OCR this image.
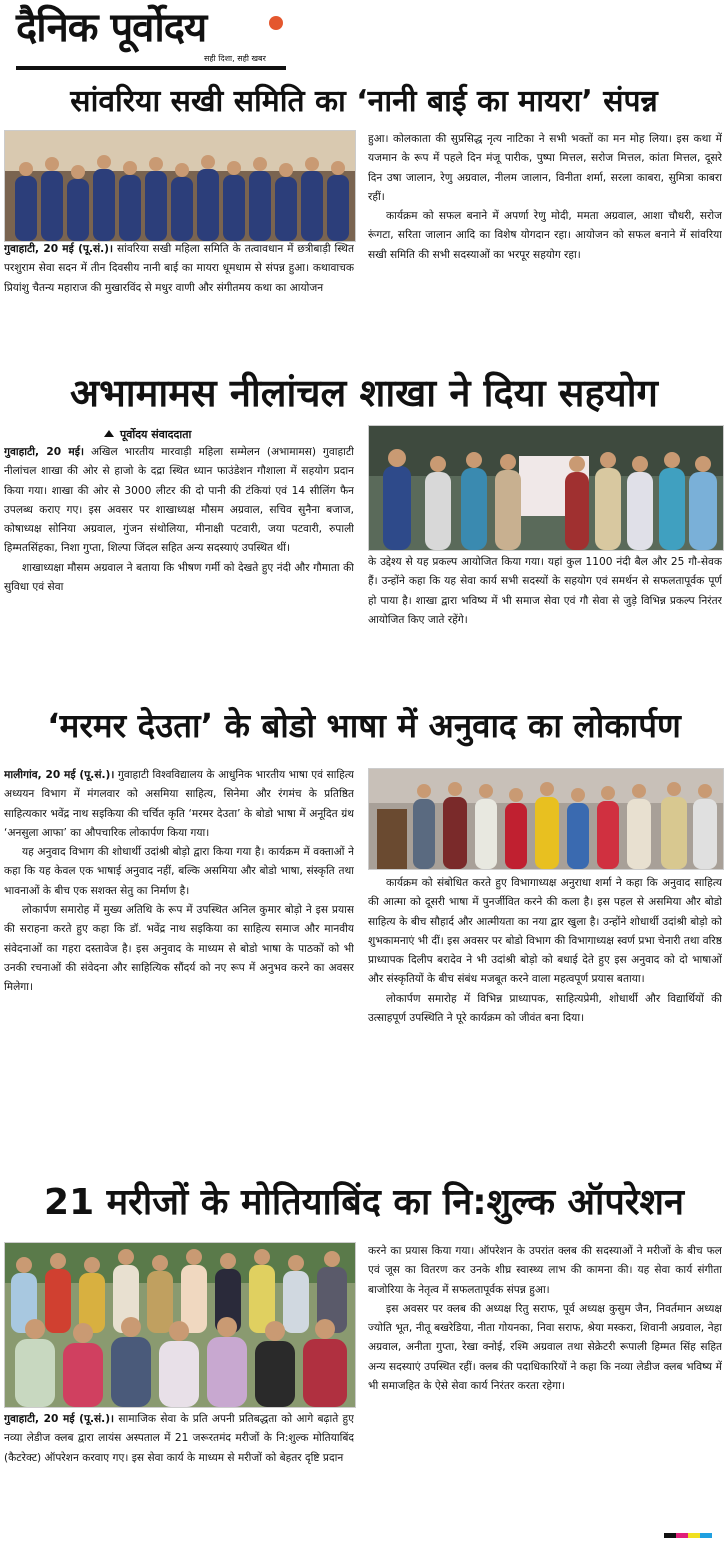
दैनिक पूर्वोदय
सही दिशा, सही खबर
सांवरिया सखी समिति का ‘नानी बाई का मायरा’ संपन्न

गुवाहाटी, 20 मई (पू.सं.)। सांवरिया सखी महिला समिति के तत्वावधान में छत्रीबाड़ी स्थित परशुराम सेवा सदन में तीन दिवसीय नानी बाई का मायरा धूमधाम से संपन्न हुआ। कथावाचक प्रियांशु चैतन्य महाराज की मुखारविंद से मधुर वाणी और संगीतमय कथा का आयोजन

हुआ। कोलकाता की सुप्रसिद्ध नृत्य नाटिका ने सभी भक्तों का मन मोह लिया। इस कथा में यजमान के रूप में पहले दिन मंजू पारीक, पुष्पा मित्तल, सरोज मित्तल, कांता मित्तल, दूसरे दिन उषा जालान, रेणु अग्रवाल, नीलम जालान, विनीता शर्मा, सरला काबरा, सुमित्रा काबरा रहीं।

कार्यक्रम को सफल बनाने में अपर्णा रेणु मोदी, ममता अग्रवाल, आशा चौधरी, सरोज रूंगटा, सरिता जालान आदि का विशेष योगदान रहा। आयोजन को सफल बनाने में सांवरिया सखी समिति की सभी सदस्याओं का भरपूर सहयोग रहा।

अभामामस नीलांचल शाखा ने दिया सहयोग
पूर्वोदय संवाददाता

गुवाहाटी, 20 मई। अखिल भारतीय मारवाड़ी महिला सम्मेलन (अभामामस) गुवाहाटी नीलांचल शाखा की ओर से हाजो के दद्रा स्थित ध्यान फाउंडेशन गौशाला में सहयोग प्रदान किया गया। शाखा की ओर से 3000 लीटर की दो पानी की टंकियां एवं 14 सीलिंग फैन उपलब्ध कराए गए। इस अवसर पर शाखाध्यक्ष मौसम अग्रवाल, सचिव सुनैना बजाज, कोषाध्यक्ष सोनिया अग्रवाल, गुंजन संथोलिया, मीनाक्षी पटवारी, जया पटवारी, रुपाली हिम्मतसिंहका, निशा गुप्ता, शिल्पा जिंदल सहित अन्य सदस्याएं उपस्थित थीं।

शाखाध्यक्षा मौसम अग्रवाल ने बताया कि भीषण गर्मी को देखते हुए नंदी और गौमाता की सुविधा एवं सेवा

के उद्देश्य से यह प्रकल्प आयोजित किया गया। यहां कुल 1100 नंदी बैल और 25 गौ-सेवक हैं। उन्होंने कहा कि यह सेवा कार्य सभी सदस्यों के सहयोग एवं समर्थन से सफलतापूर्वक पूर्ण हो पाया है। शाखा द्वारा भविष्य में भी समाज सेवा एवं गौ सेवा से जुड़े विभिन्न प्रकल्प निरंतर आयोजित किए जाते रहेंगे।

‘मरमर देउता’ के बोडो भाषा में अनुवाद का लोकार्पण

मालीगांव, 20 मई (पू.सं.)। गुवाहाटी विश्वविद्यालय के आधुनिक भारतीय भाषा एवं साहित्य अध्ययन विभाग में मंगलवार को असमिया साहित्य, सिनेमा और रंगमंच के प्रतिष्ठित साहित्यकार भवेंद्र नाथ सइकिया की चर्चित कृति ‘मरमर देउता’ के बोडो भाषा में अनूदित ग्रंथ ‘अनसुला आफा’ का औपचारिक लोकार्पण किया गया।

यह अनुवाद विभाग की शोधार्थी उदांश्री बोड़ो द्वारा किया गया है। कार्यक्रम में वक्ताओं ने कहा कि यह केवल एक भाषाई अनुवाद नहीं, बल्कि असमिया और बोडो भाषा, संस्कृति तथा भावनाओं के बीच एक सशक्त सेतु का निर्माण है।

लोकार्पण समारोह में मुख्य अतिथि के रूप में उपस्थित अनिल कुमार बोड़ो ने इस प्रयास की सराहना करते हुए कहा कि डॉ. भवेंद्र नाथ सइकिया का साहित्य समाज और मानवीय संवेदनाओं का गहरा दस्तावेज है। इस अनुवाद के माध्यम से बोडो भाषा के पाठकों को भी उनकी रचनाओं की संवेदना और साहित्यिक सौंदर्य को नए रूप में अनुभव करने का अवसर मिलेगा।

कार्यक्रम को संबोधित करते हुए विभागाध्यक्ष अनुराधा शर्मा ने कहा कि अनुवाद साहित्य की आत्मा को दूसरी भाषा में पुनर्जीवित करने की कला है। इस पहल से असमिया और बोडो साहित्य के बीच सौहार्द और आत्मीयता का नया द्वार खुला है। उन्होंने शोधार्थी उदांश्री बोड़ो को शुभकामनाएं भी दीं। इस अवसर पर बोडो विभाग की विभागाध्यक्ष स्वर्ण प्रभा चेनारी तथा वरिष्ठ प्राध्यापक दिलीप बरादेव ने भी उदांश्री बोड़ो को बधाई देते हुए इस अनुवाद को दो भाषाओं और संस्कृतियों के बीच संबंध मजबूत करने वाला महत्वपूर्ण प्रयास बताया।

लोकार्पण समारोह में विभिन्न प्राध्यापक, साहित्यप्रेमी, शोधार्थी और विद्यार्थियों की उत्साहपूर्ण उपस्थिति ने पूरे कार्यक्रम को जीवंत बना दिया।

21 मरीजों के मोतियाबिंद का नि:शुल्क ऑपरेशन

गुवाहाटी, 20 मई (पू.सं.)। सामाजिक सेवा के प्रति अपनी प्रतिबद्धता को आगे बढ़ाते हुए नव्या लेडीज क्लब द्वारा लायंस अस्पताल में 21 जरूरतमंद मरीजों के नि:शुल्क मोतियाबिंद (कैटरेक्ट) ऑपरेशन करवाए गए। इस सेवा कार्य के माध्यम से मरीजों को बेहतर दृष्टि प्रदान

करने का प्रयास किया गया। ऑपरेशन के उपरांत क्लब की सदस्याओं ने मरीजों के बीच फल एवं जूस का वितरण कर उनके शीघ्र स्वास्थ्य लाभ की कामना की। यह सेवा कार्य संगीता बाजोरिया के नेतृत्व में सफलतापूर्वक संपन्न हुआ।

इस अवसर पर क्लब की अध्यक्ष रितु सराफ, पूर्व अध्यक्ष कुसुम जैन, निवर्तमान अध्यक्ष ज्योति भूत, नीतू बखरेडिया, नीता गोयनका, निवा सराफ, श्रेया मस्करा, शिवानी अग्रवाल, नेहा अग्रवाल, अनीता गुप्ता, रेखा क्नोई, रश्मि अग्रवाल तथा सेक्रेटरी रूपाली हिम्मत सिंह सहित अन्य सदस्याएं उपस्थित रहीं। क्लब की पदाधिकारियों ने कहा कि नव्या लेडीज क्लब भविष्य में भी समाजहित के ऐसे सेवा कार्य निरंतर करता रहेगा।
